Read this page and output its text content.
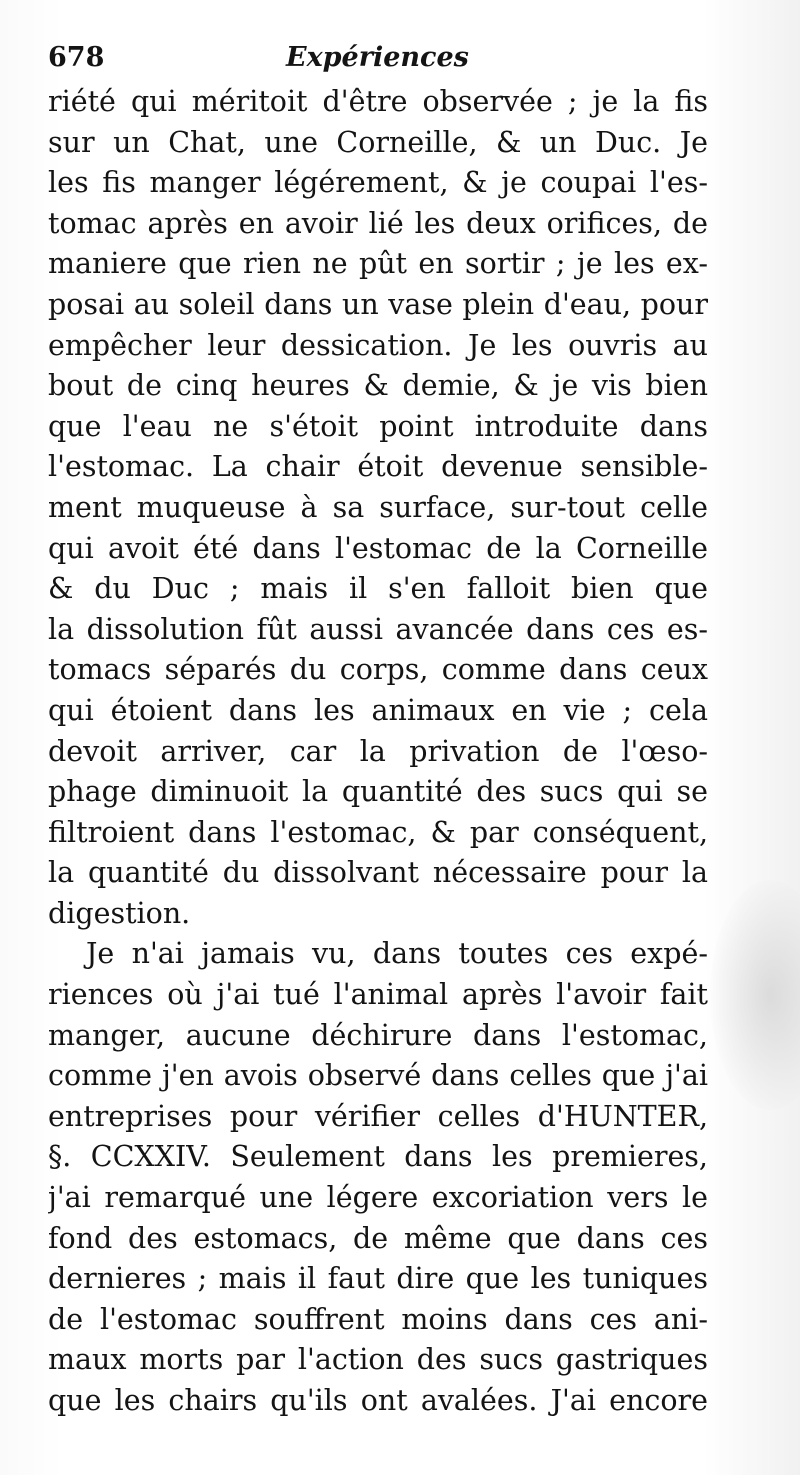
678	Expériences
riété qui méritoit d'être observée ; je la fis
sur un Chat, une Corneille, & un Duc. Je
les fis manger légérement, & je coupai l'es-
tomac après en avoir lié les deux orifices, de
maniere que rien ne pût en sortir ; je les ex-
posai au soleil dans un vase plein d'eau, pour
empêcher leur dessication. Je les ouvris au
bout de cinq heures & demie, & je vis bien
que l'eau ne s'étoit point introduite dans
l'estomac. La chair étoit devenue sensible-
ment muqueuse à sa surface, sur-tout celle
qui avoit été dans l'estomac de la Corneille
& du Duc ; mais il s'en falloit bien que
la dissolution fût aussi avancée dans ces es-
tomacs séparés du corps, comme dans ceux
qui étoient dans les animaux en vie ; cela
devoit arriver, car la privation de l'œso-
phage diminuoit la quantité des sucs qui se
filtroient dans l'estomac, & par conséquent,
la quantité du dissolvant nécessaire pour la
digestion.
Je n'ai jamais vu, dans toutes ces expé-
riences où j'ai tué l'animal après l'avoir fait
manger, aucune déchirure dans l'estomac,
comme j'en avois observé dans celles que j'ai
entreprises pour vérifier celles d'HUNTER,
§. CCXXIV. Seulement dans les premieres,
j'ai remarqué une légere excoriation vers le
fond des estomacs, de même que dans ces
dernieres ; mais il faut dire que les tuniques
de l'estomac souffrent moins dans ces ani-
maux morts par l'action des sucs gastriques
que les chairs qu'ils ont avalées. J'ai encore
